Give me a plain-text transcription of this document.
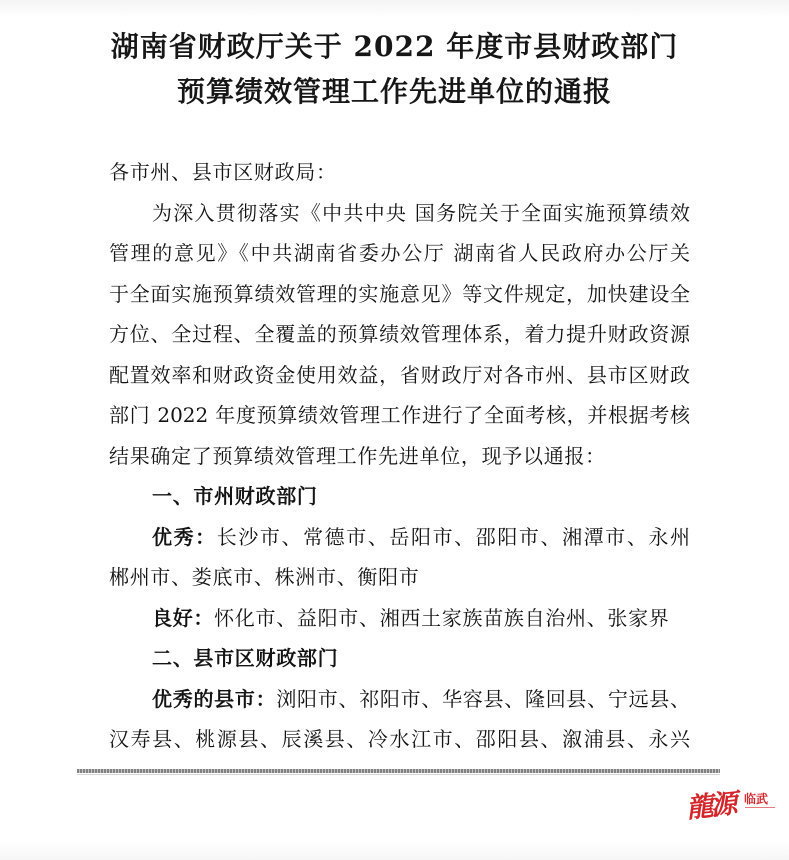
湖南省财政厅关于 2022 年度市县财政部门
预算绩效管理工作先进单位的通报
各市州、县市区财政局：
为深入贯彻落实《中共中央 国务院关于全面实施预算绩效
管理的意见》《中共湖南省委办公厅 湖南省人民政府办公厅关
于全面实施预算绩效管理的实施意见》等文件规定，加快建设全
方位、全过程、全覆盖的预算绩效管理体系，着力提升财政资源
配置效率和财政资金使用效益，省财政厅对各市州、县市区财政
部门 2022 年度预算绩效管理工作进行了全面考核，并根据考核
结果确定了预算绩效管理工作先进单位，现予以通报：
一、市州财政部门
优秀：长沙市、常德市、岳阳市、邵阳市、湘潭市、永州
郴州市、娄底市、株洲市、衡阳市
良好：怀化市、益阳市、湘西土家族苗族自治州、张家界
二、县市区财政部门
优秀的县市：浏阳市、祁阳市、华容县、隆回县、宁远县、
汉寿县、桃源县、辰溪县、冷水江市、邵阳县、溆浦县、永兴
龍源 临武
